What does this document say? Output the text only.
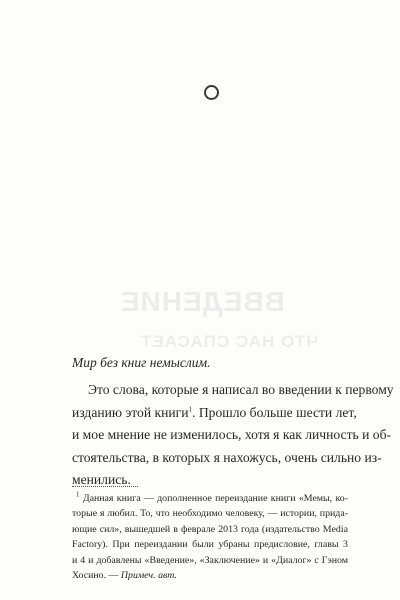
ВВЕДЕНИЕ
ЧТО НАС СПАСАЕТ

Мир без книг немыслим.

Это слова, которые я написал во введении к первому
изданию этой книги$^1$. Прошло больше шести лет,
и мое мнение не изменилось, хотя я как личность и об-
стоятельства, в которых я нахожусь, очень сильно из-
менились.

$^1$ Данная книга — дополненное переиздание книги «Мемы, ко-
торые я любил. То, что необходимо человеку, — истории, прида-
ющие сил», вышедшей в феврале 2013 года (издательство Media
Factory). При переиздании были убраны предисловие, главы 3
и 4 и добавлены «Введение», «Заключение» и «Диалог» с Гэном
Хосино. — Примеч. авт.
